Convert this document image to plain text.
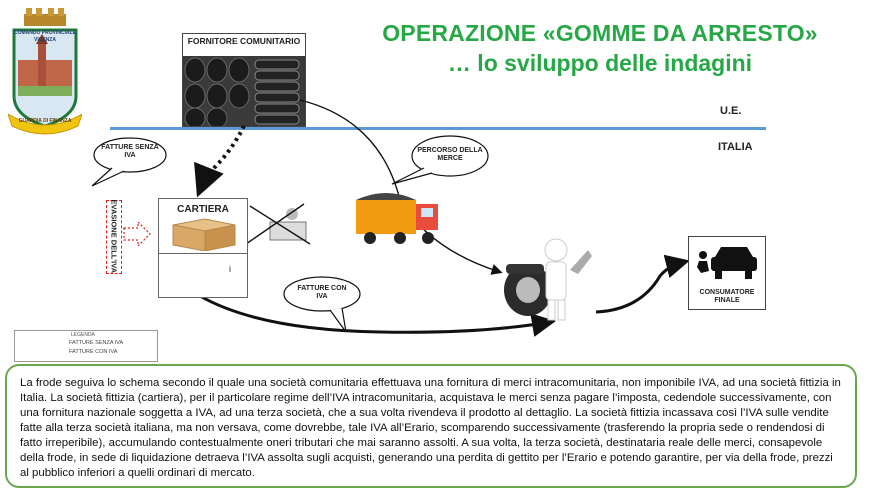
OPERAZIONE «GOMME DA ARRESTO»
… lo sviluppo delle indagini
FORNITORE COMUNITARIO
U.E.
ITALIA
FATTURE SENZA IVA
PERCORSO DELLA MERCE
FATTURE CON IVA
EVASIONE DELL'IVA	CARTIERA
i
CONSUMATORE FINALE
LEGENDA
FATTURE SENZA IVA
FATTURE CON IVA
COMANDO PROVINCIALE
VICENZA
GUARDIA DI FINANZA

La frode seguiva lo schema secondo il quale una società comunitaria effettuava una fornitura di merci intracomunitaria, non imponibile IVA, ad una società fittizia in Italia. La società fittizia (cartiera), per il particolare regime dell’IVA intracomunitaria, acquistava le merci senza pagare l’imposta, cedendole successivamente, con una fornitura nazionale soggetta a IVA, ad una terza società, che a sua volta rivendeva il prodotto al dettaglio. La società fittizia incassava così l’IVA sulle vendite fatte alla terza società italiana, ma non versava, come dovrebbe, tale IVA all’Erario, scomparendo successivamente (trasferendo la propria sede o rendendosi di fatto irreperibile), accumulando contestualmente oneri tributari che mai saranno assolti. A sua volta, la terza società, destinataria reale delle merci, consapevole della frode, in sede di liquidazione detraeva l’IVA assolta sugli acquisti, generando una perdita di gettito per l’Erario e potendo garantire, per via della frode, prezzi al pubblico inferiori a quelli ordinari di mercato.
